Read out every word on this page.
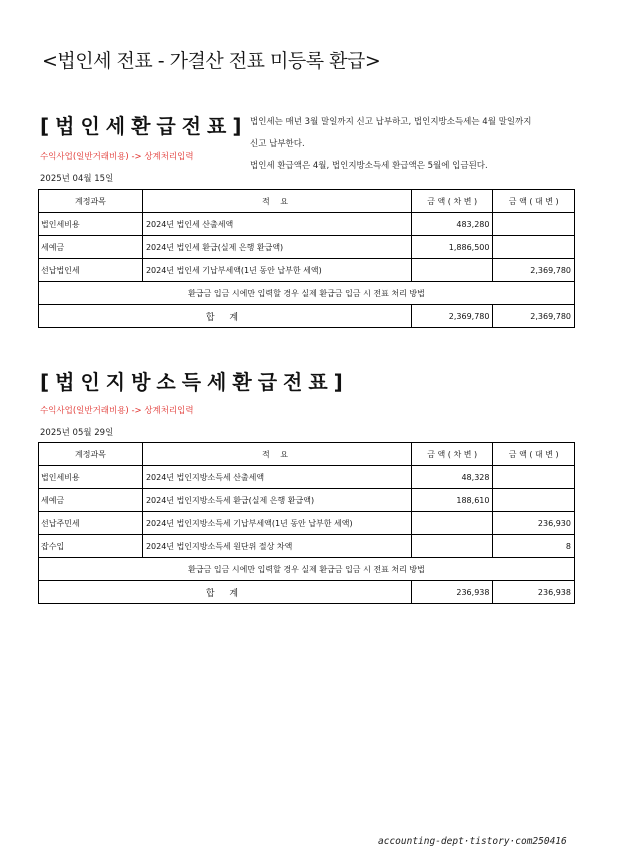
<법인세 전표 - 가결산 전표 미등록 환급>
[법인세환급전표]
수익사업(일반거래비용) -> 상계처리입력
2025년 04월 15일
법인세는 매년 3월 말일까지 신고 납부하고, 법인지방소득세는 4월 말일까지
신고 납부한다.
법인세 환급액은 4월, 법인지방소득세 환급액은 5월에 입금된다.
계정과목	적 요	금 액 ( 차 변 )	금 액 ( 대 변 )
법인세비용	2024년 법인세 산출세액	483,280	
세예금	2024년 법인세 환급(실제 은행 환급액)	1,886,500	
선납법인세	2024년 법인세 기납부세액(1년 동안 납부한 세액)		2,369,780
환급금 입금 시에만 입력할 경우 실제 환급금 입금 시 전표 처리 방법			
합 계		2,369,780	2,369,780
[법인지방소득세환급전표]
수익사업(일반거래비용) -> 상계처리입력
2025년 05월 29일
계정과목	적 요	금 액 ( 차 변 )	금 액 ( 대 변 )
법인세비용	2024년 법인지방소득세 산출세액	48,328	
세예금	2024년 법인지방소득세 환급(실제 은행 환급액)	188,610	
선납주민세	2024년 법인지방소득세 기납부세액(1년 동안 납부한 세액)		236,930
잡수입	2024년 법인지방소득세 원단위 절상 차액		8
환급금 입금 시에만 입력할 경우 실제 환급금 입금 시 전표 처리 방법			
합 계		236,938	236,938
accounting-dept·tistory·com250416
